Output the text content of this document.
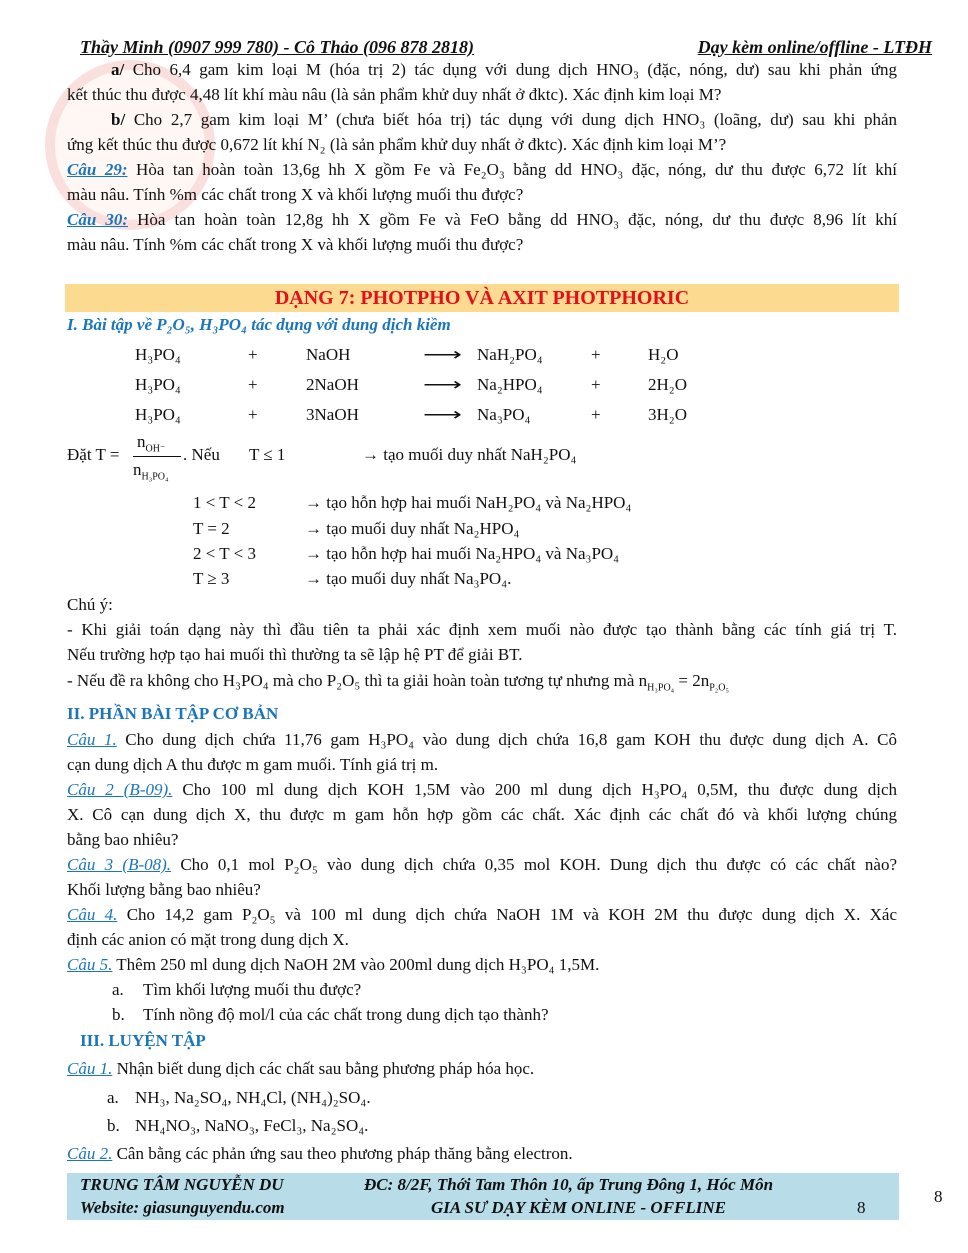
Thầy Minh (0907 999 780) - Cô Thảo (096 878 2818)	Dạy kèm online/offline - LTĐH
a/ Cho 6,4 gam kim loại M (hóa trị 2) tác dụng với dung dịch HNO₃ (đặc, nóng, dư) sau khi phản ứng
kết thúc thu được 4,48 lít khí màu nâu (là sản phẩm khử duy nhất ở đktc). Xác định kim loại M?
b/ Cho 2,7 gam kim loại M’ (chưa biết hóa trị) tác dụng với dung dịch HNO₃ (loãng, dư) sau khi phản
ứng kết thúc thu được 0,672 lít khí N₂ (là sản phẩm khử duy nhất ở đktc). Xác định kim loại M’?
Câu 29: Hòa tan hoàn toàn 13,6g hh X gồm Fe và Fe₂O₃ bằng dd HNO₃ đặc, nóng, dư thu được 6,72 lít khí
màu nâu. Tính %m các chất trong X và khối lượng muối thu được?
Câu 30: Hòa tan hoàn toàn 12,8g hh X gồm Fe và FeO bằng dd HNO₃ đặc, nóng, dư thu được 8,96 lít khí
màu nâu. Tính %m các chất trong X và khối lượng muối thu được?
DẠNG 7: PHOTPHO VÀ AXIT PHOTPHORIC
I. Bài tập về P₂O₅, H₃PO₄ tác dụng với dung dịch kiềm
H₃PO₄	+	NaOH	⟶ NaH₂PO₄	+	H₂O
H₃PO₄	+	2NaOH	⟶ Na₂HPO₄	+	2H₂O
H₃PO₄	+	3NaOH	⟶ Na₃PO₄	+	3H₂O
Đặt T =
$n_{OH^-}$
$n_{H_3PO_4}$
. Nếu T ≤ 1	→ tạo muối duy nhất NaH₂PO₄
1 < T < 2	→ tạo hỗn hợp hai muối NaH₂PO₄ và Na₂HPO₄
T = 2	→ tạo muối duy nhất Na₂HPO₄
2 < T < 3	→ tạo hỗn hợp hai muối Na₂HPO₄ và Na₃PO₄
T ≥ 3	→ tạo muối duy nhất Na₃PO₄.
Chú ý:
- Khi giải toán dạng này thì đầu tiên ta phải xác định xem muối nào được tạo thành bằng các tính giá trị T.
Nếu trường hợp tạo hai muối thì thường ta sẽ lập hệ PT để giải BT.
- Nếu đề ra không cho H₃PO₄ mà cho P₂O₅ thì ta giải hoàn toàn tương tự nhưng mà $n_{H_3PO_4} = 2n_{P_2O_5}$
II. PHẦN BÀI TẬP CƠ BẢN
Câu 1. Cho dung dịch chứa 11,76 gam H₃PO₄ vào dung dịch chứa 16,8 gam KOH thu được dung dịch A. Cô
cạn dung dịch A thu được m gam muối. Tính giá trị m.
Câu 2 (B-09). Cho 100 ml dung dịch KOH 1,5M vào 200 ml dung dịch H₃PO₄ 0,5M, thu được dung dịch
X. Cô cạn dung dịch X, thu được m gam hỗn hợp gồm các chất. Xác định các chất đó và khối lượng chúng
bằng bao nhiêu?
Câu 3 (B-08). Cho 0,1 mol P₂O₅ vào dung dịch chứa 0,35 mol KOH. Dung dịch thu được có các chất nào?
Khối lượng bằng bao nhiêu?
Câu 4. Cho 14,2 gam P₂O₅ và 100 ml dung dịch chứa NaOH 1M và KOH 2M thu được dung dịch X. Xác
định các anion có mặt trong dung dịch X.
Câu 5. Thêm 250 ml dung dịch NaOH 2M vào 200ml dung dịch H₃PO₄ 1,5M.
a. Tìm khối lượng muối thu được?
b. Tính nồng độ mol/l của các chất trong dung dịch tạo thành?
III. LUYỆN TẬP
Câu 1. Nhận biết dung dịch các chất sau bằng phương pháp hóa học.
a. NH₃, Na₂SO₄, NH₄Cl, (NH₄)₂SO₄.
b. NH₄NO₃, NaNO₃, FeCl₃, Na₂SO₄.
Câu 2. Cân bằng các phản ứng sau theo phương pháp thăng bằng electron.
TRUNG TÂM NGUYỄN DU	ĐC: 8/2F, Thới Tam Thôn 10, ấp Trung Đông 1, Hóc Môn
Website: giasunguyendu.com	GIA SƯ DẠY KÈM ONLINE - OFFLINE	8
8
